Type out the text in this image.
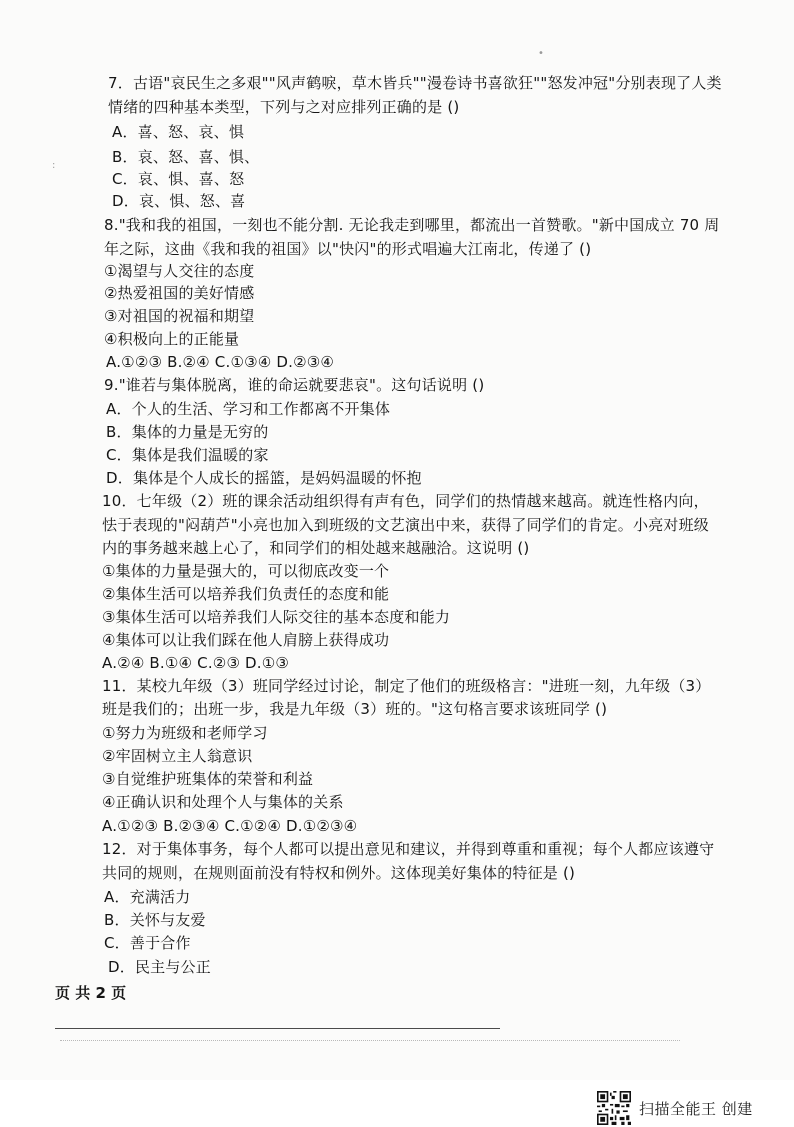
•
:
7．古语"哀民生之多艰""风声鹤唳，草木皆兵""漫卷诗书喜欲狂""怒发冲冠"分别表现了人类
情绪的四种基本类型，下列与之对应排列正确的是 ()
A．喜、怒、哀、惧
B．哀、怒、喜、惧、
C．哀、惧、喜、怒
D．哀、惧、怒、喜
8."我和我的祖国，一刻也不能分割. 无论我走到哪里，都流出一首赞歌。"新中国成立 70 周
年之际，这曲《我和我的祖国》以"快闪"的形式唱遍大江南北，传递了 ()
①渴望与人交往的态度
②热爱祖国的美好情感
③对祖国的祝福和期望
④积极向上的正能量
A.①②③ B.②④ C.①③④ D.②③④
9."谁若与集体脱离，谁的命运就要悲哀"。这句话说明 ()
A．个人的生活、学习和工作都离不开集体
B．集体的力量是无穷的
C．集体是我们温暖的家
D．集体是个人成长的摇篮，是妈妈温暖的怀抱
10．七年级（2）班的课余活动组织得有声有色，同学们的热情越来越高。就连性格内向，
怯于表现的"闷葫芦"小亮也加入到班级的文艺演出中来，获得了同学们的肯定。小亮对班级
内的事务越来越上心了，和同学们的相处越来越融洽。这说明 ()
①集体的力量是强大的，可以彻底改变一个
②集体生活可以培养我们负责任的态度和能
③集体生活可以培养我们人际交往的基本态度和能力
④集体可以让我们踩在他人肩膀上获得成功
A.②④ B.①④ C.②③ D.①③
11．某校九年级（3）班同学经过讨论，制定了他们的班级格言："进班一刻，九年级（3）
班是我们的；出班一步，我是九年级（3）班的。"这句格言要求该班同学 ()
①努力为班级和老师学习
②牢固树立主人翁意识
③自觉维护班集体的荣誉和利益
④正确认识和处理个人与集体的关系
A.①②③ B.②③④ C.①②④ D.①②③④
12．对于集体事务，每个人都可以提出意见和建议，并得到尊重和重视；每个人都应该遵守
共同的规则，在规则面前没有特权和例外。这体现美好集体的特征是 ()
A．充满活力
B．关怀与友爱
C．善于合作
D．民主与公正
页 共 2 页
扫描全能王 创建
